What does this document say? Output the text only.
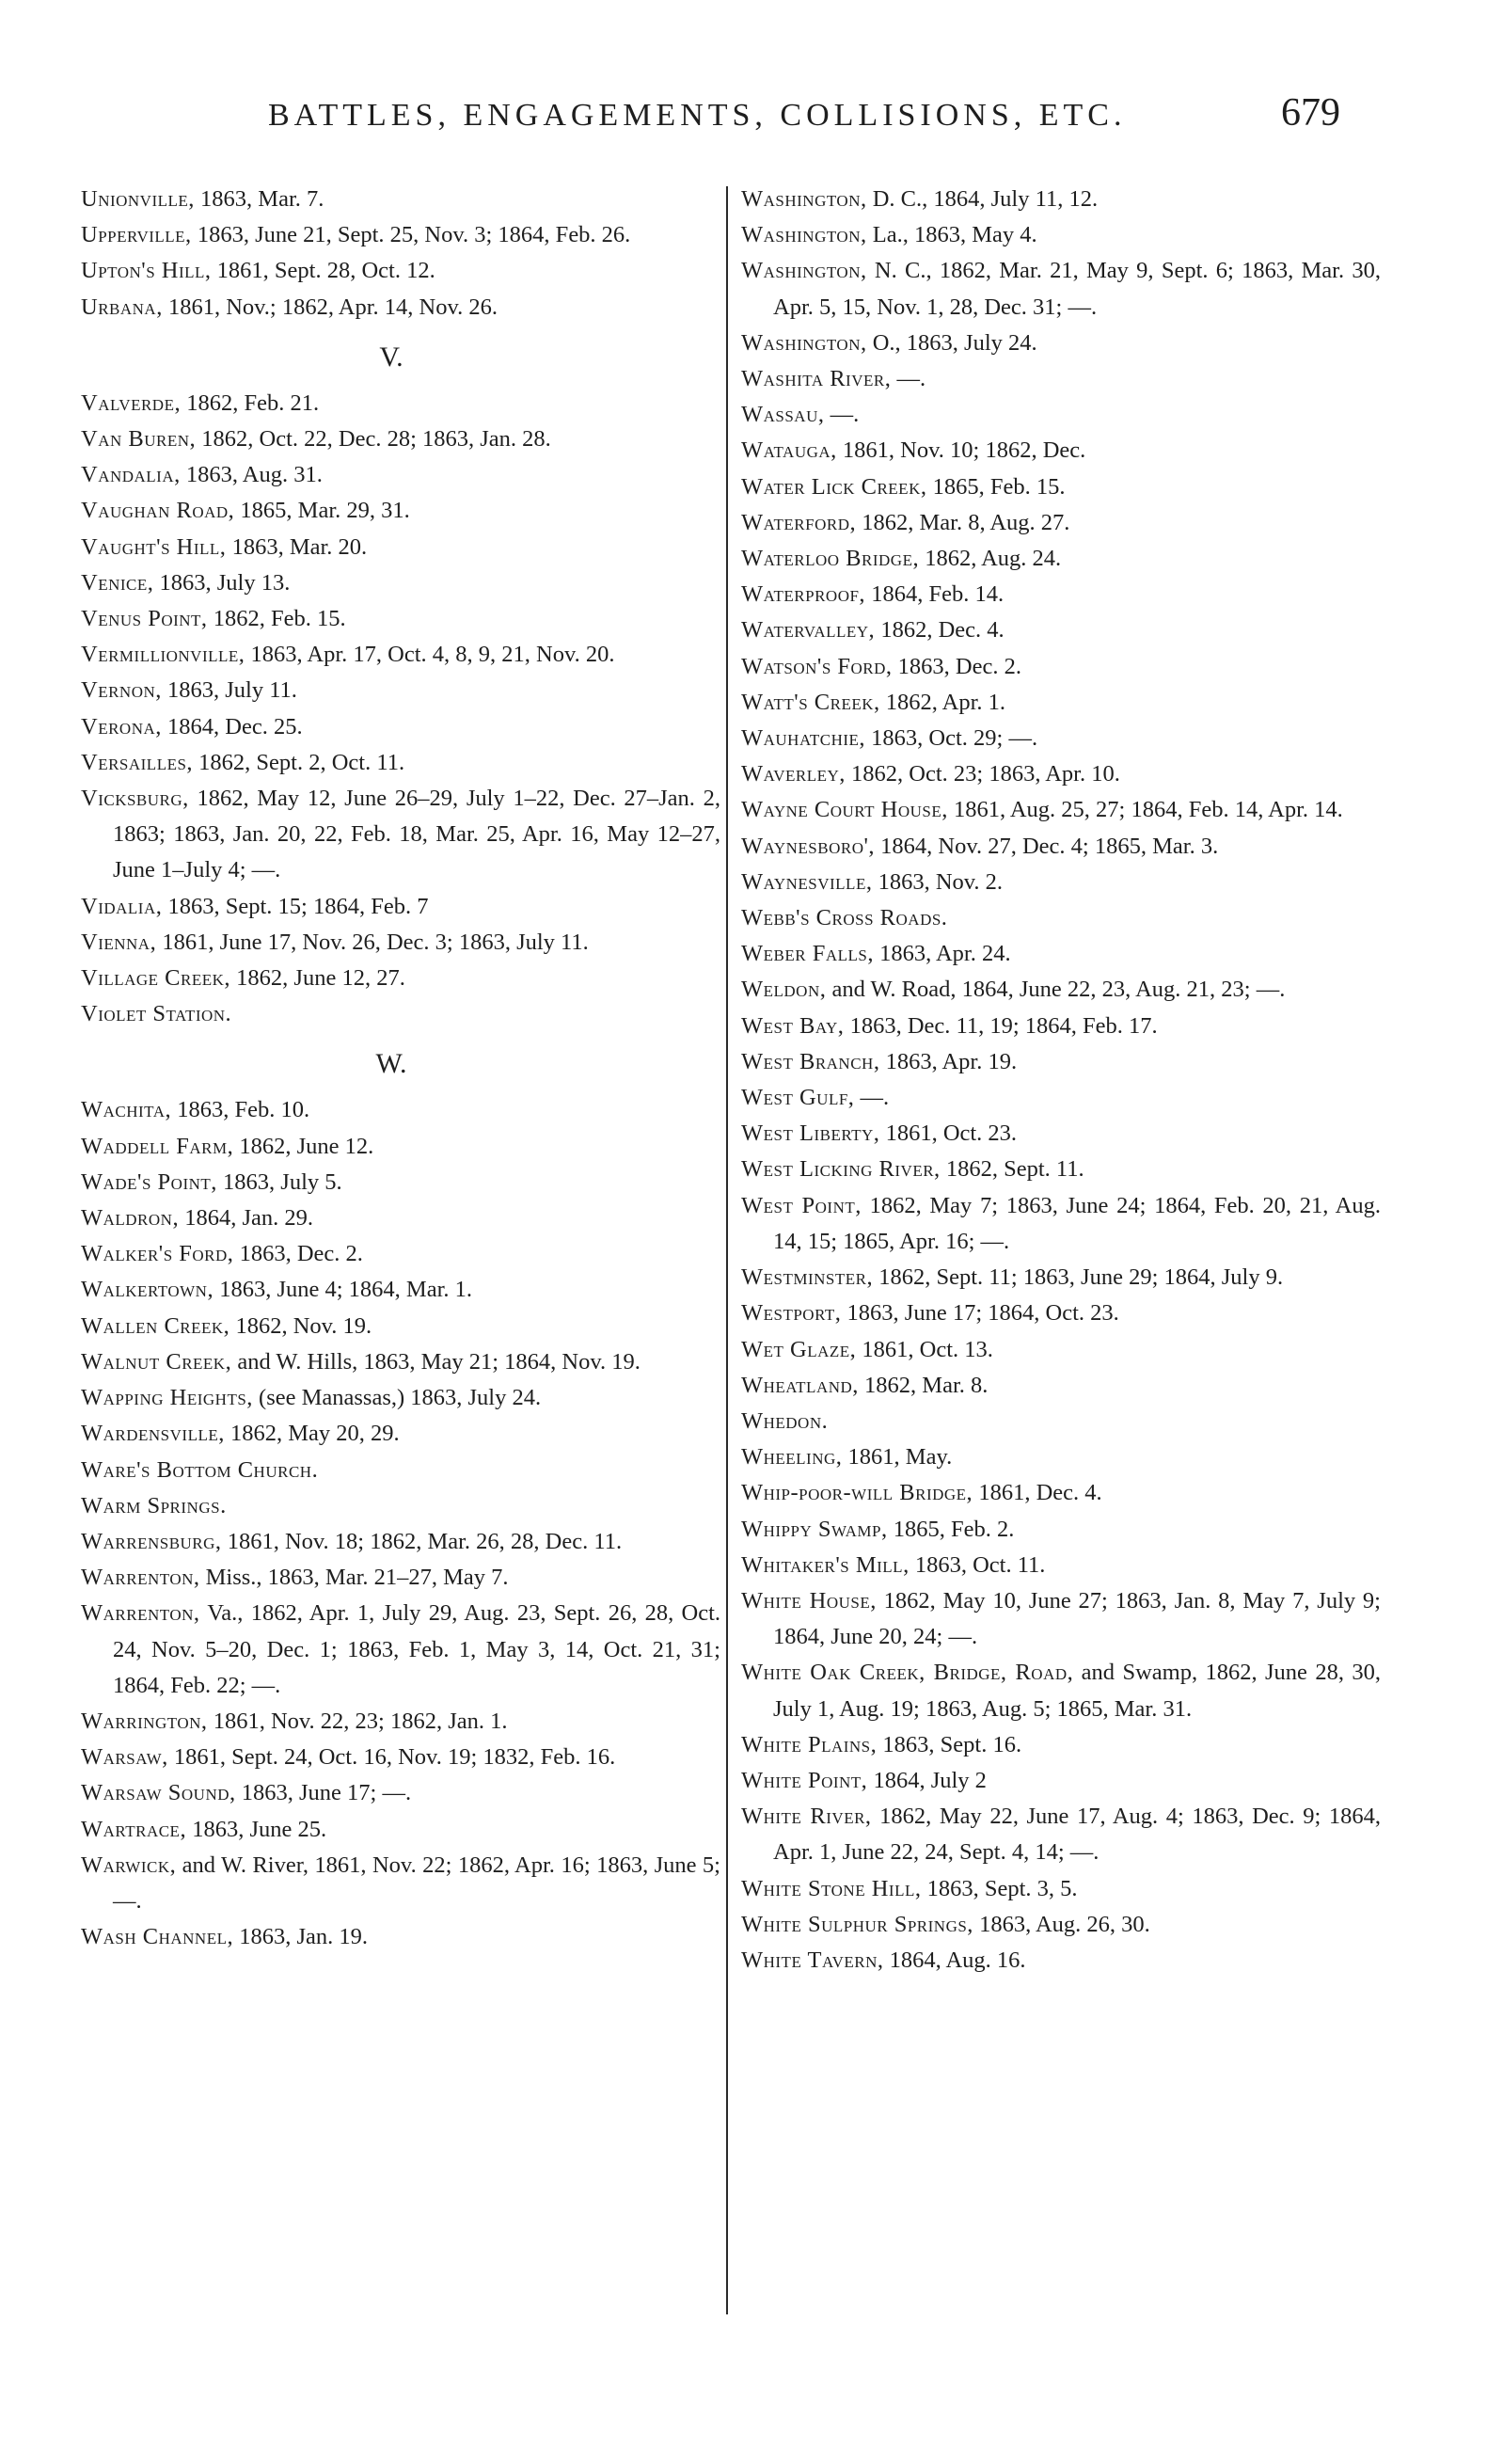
BATTLES, ENGAGEMENTS, COLLISIONS, ETC.	679
Unionville, 1863, Mar. 7.
Upperville, 1863, June 21, Sept. 25, Nov. 3; 1864, Feb. 26.
Upton's Hill, 1861, Sept. 28, Oct. 12.
Urbana, 1861, Nov.; 1862, Apr. 14, Nov. 26.
V.
Valverde, 1862, Feb. 21.
Van Buren, 1862, Oct. 22, Dec. 28; 1863, Jan. 28.
Vandalia, 1863, Aug. 31.
Vaughan Road, 1865, Mar. 29, 31.
Vaught's Hill, 1863, Mar. 20.
Venice, 1863, July 13.
Venus Point, 1862, Feb. 15.
Vermillionville, 1863, Apr. 17, Oct. 4, 8, 9, 21, Nov. 20.
Vernon, 1863, July 11.
Verona, 1864, Dec. 25.
Versailles, 1862, Sept. 2, Oct. 11.
Vicksburg, 1862, May 12, June 26–29, July 1–22, Dec. 27–Jan. 2, 1863; 1863, Jan. 20, 22, Feb. 18, Mar. 25, Apr. 16, May 12–27, June 1–July 4; —.
Vidalia, 1863, Sept. 15; 1864, Feb. 7
Vienna, 1861, June 17, Nov. 26, Dec. 3; 1863, July 11.
Village Creek, 1862, June 12, 27.
Violet Station.
W.
Wachita, 1863, Feb. 10.
Waddell Farm, 1862, June 12.
Wade's Point, 1863, July 5.
Waldron, 1864, Jan. 29.
Walker's Ford, 1863, Dec. 2.
Walkertown, 1863, June 4; 1864, Mar. 1.
Wallen Creek, 1862, Nov. 19.
Walnut Creek, and W. Hills, 1863, May 21; 1864, Nov. 19.
Wapping Heights, (see Manassas,) 1863, July 24.
Wardensville, 1862, May 20, 29.
Ware's Bottom Church.
Warm Springs.
Warrensburg, 1861, Nov. 18; 1862, Mar. 26, 28, Dec. 11.
Warrenton, Miss., 1863, Mar. 21–27, May 7.
Warrenton, Va., 1862, Apr. 1, July 29, Aug. 23, Sept. 26, 28, Oct. 24, Nov. 5–20, Dec. 1; 1863, Feb. 1, May 3, 14, Oct. 21, 31; 1864, Feb. 22; —.
Warrington, 1861, Nov. 22, 23; 1862, Jan. 1.
Warsaw, 1861, Sept. 24, Oct. 16, Nov. 19; 1832, Feb. 16.
Warsaw Sound, 1863, June 17; —.
Wartrace, 1863, June 25.
Warwick, and W. River, 1861, Nov. 22; 1862, Apr. 16; 1863, June 5; —.
Wash Channel, 1863, Jan. 19.
Washington, D. C., 1864, July 11, 12.
Washington, La., 1863, May 4.
Washington, N. C., 1862, Mar. 21, May 9, Sept. 6; 1863, Mar. 30, Apr. 5, 15, Nov. 1, 28, Dec. 31; —.
Washington, O., 1863, July 24.
Washita River, —.
Wassau, —.
Watauga, 1861, Nov. 10; 1862, Dec.
Water Lick Creek, 1865, Feb. 15.
Waterford, 1862, Mar. 8, Aug. 27.
Waterloo Bridge, 1862, Aug. 24.
Waterproof, 1864, Feb. 14.
Watervalley, 1862, Dec. 4.
Watson's Ford, 1863, Dec. 2.
Watt's Creek, 1862, Apr. 1.
Wauhatchie, 1863, Oct. 29; —.
Waverley, 1862, Oct. 23; 1863, Apr. 10.
Wayne Court House, 1861, Aug. 25, 27; 1864, Feb. 14, Apr. 14.
Waynesboro', 1864, Nov. 27, Dec. 4; 1865, Mar. 3.
Waynesville, 1863, Nov. 2.
Webb's Cross Roads.
Weber Falls, 1863, Apr. 24.
Weldon, and W. Road, 1864, June 22, 23, Aug. 21, 23; —.
West Bay, 1863, Dec. 11, 19; 1864, Feb. 17.
West Branch, 1863, Apr. 19.
West Gulf, —.
West Liberty, 1861, Oct. 23.
West Licking River, 1862, Sept. 11.
West Point, 1862, May 7; 1863, June 24; 1864, Feb. 20, 21, Aug. 14, 15; 1865, Apr. 16; —.
Westminster, 1862, Sept. 11; 1863, June 29; 1864, July 9.
Westport, 1863, June 17; 1864, Oct. 23.
Wet Glaze, 1861, Oct. 13.
Wheatland, 1862, Mar. 8.
Whedon.
Wheeling, 1861, May.
Whip-poor-will Bridge, 1861, Dec. 4.
Whippy Swamp, 1865, Feb. 2.
Whitaker's Mill, 1863, Oct. 11.
White House, 1862, May 10, June 27; 1863, Jan. 8, May 7, July 9; 1864, June 20, 24; —.
White Oak Creek, Bridge, Road, and Swamp, 1862, June 28, 30, July 1, Aug. 19; 1863, Aug. 5; 1865, Mar. 31.
White Plains, 1863, Sept. 16.
White Point, 1864, July 2
White River, 1862, May 22, June 17, Aug. 4; 1863, Dec. 9; 1864, Apr. 1, June 22, 24, Sept. 4, 14; —.
White Stone Hill, 1863, Sept. 3, 5.
White Sulphur Springs, 1863, Aug. 26, 30.
White Tavern, 1864, Aug. 16.
